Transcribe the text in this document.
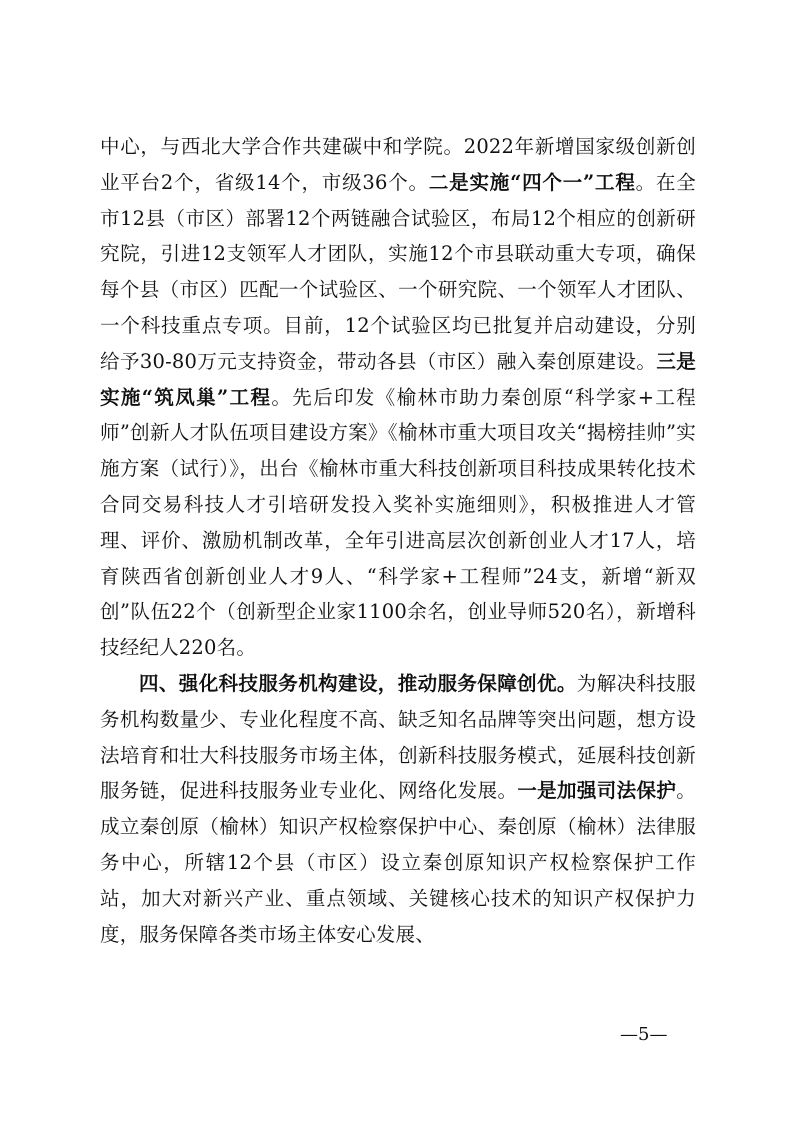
中心，与西北大学合作共建碳中和学院。2022年新增国家级创新创业平台2个，省级14个，市级36个。二是实施“四个一”工程。在全市12县（市区）部署12个两链融合试验区，布局12个相应的创新研究院，引进12支领军人才团队，实施12个市县联动重大专项，确保每个县（市区）匹配一个试验区、一个研究院、一个领军人才团队、一个科技重点专项。目前，12个试验区均已批复并启动建设，分别给予30-80万元支持资金，带动各县（市区）融入秦创原建设。三是实施“筑凤巢”工程。先后印发《榆林市助力秦创原“科学家+工程师”创新人才队伍项目建设方案》《榆林市重大项目攻关“揭榜挂帅”实施方案（试行）》，出台《榆林市重大科技创新项目科技成果转化技术合同交易科技人才引培研发投入奖补实施细则》，积极推进人才管理、评价、激励机制改革，全年引进高层次创新创业人才17人，培育陕西省创新创业人才9人、“科学家+工程师”24支，新增“新双创”队伍22个（创新型企业家1100余名，创业导师520名），新增科技经纪人220名。

四、强化科技服务机构建设，推动服务保障创优。为解决科技服务机构数量少、专业化程度不高、缺乏知名品牌等突出问题，想方设法培育和壮大科技服务市场主体，创新科技服务模式，延展科技创新服务链，促进科技服务业专业化、网络化发展。一是加强司法保护。成立秦创原（榆林）知识产权检察保护中心、秦创原（榆林）法律服务中心，所辖12个县（市区）设立秦创原知识产权检察保护工作站，加大对新兴产业、重点领域、关键核心技术的知识产权保护力度，服务保障各类市场主体安心发展、

—5—
